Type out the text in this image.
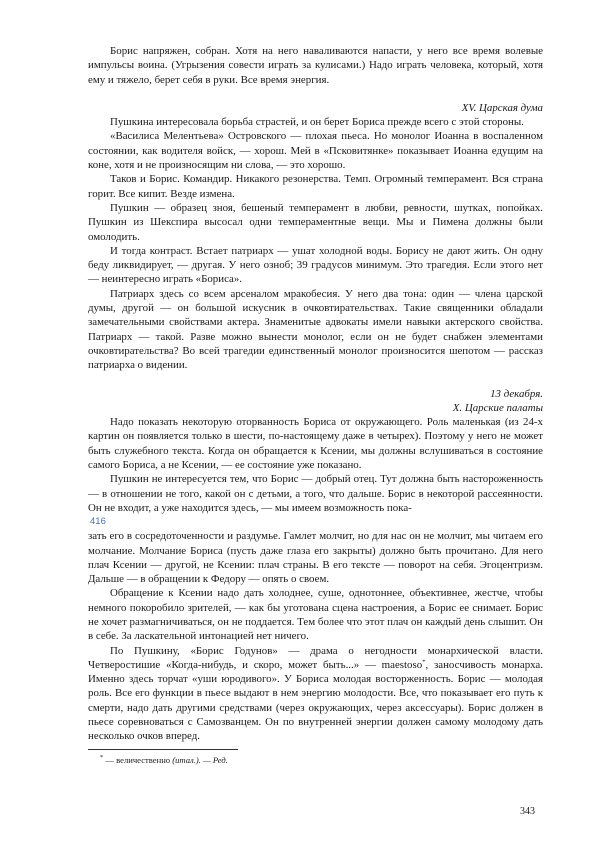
Борис напряжен, собран. Хотя на него наваливаются напасти, у него все время волевые импульсы воина. (Угрызения совести играть за кулисами.) Надо играть человека, который, хотя ему и тяжело, берет себя в руки. Все время энергия.

XV. Царская дума

Пушкина интересовала борьба страстей, и он берет Бориса прежде всего с этой стороны.

«Василиса Мелентьева» Островского — плохая пьеса. Но монолог Иоанна в воспаленном состоянии, как водителя войск, — хорош. Мей в «Псковитянке» показывает Иоанна едущим на коне, хотя и не произносящим ни слова, — это хорошо.

Таков и Борис. Командир. Никакого резонерства. Темп. Огромный темперамент. Вся страна горит. Все кипит. Везде измена.

Пушкин — образец зноя, бешеный темперамент в любви, ревности, шутках, попойках. Пушкин из Шекспира высосал одни темпераментные вещи. Мы и Пимена должны были омолодить.

И тогда контраст. Встает патриарх — ушат холодной воды. Борису не дают жить. Он одну беду ликвидирует, — другая. У него озноб; 39 градусов минимум. Это трагедия. Если этого нет — неинтересно играть «Бориса».

Патриарх здесь со всем арсеналом мракобесия. У него два тона: один — члена царской думы, другой — он большой искусник в очковтирательствах. Такие священники обладали замечательными свойствами актера. Знаменитые адвокаты имели навыки актерского свойства. Патриарх — такой. Разве можно вынести монолог, если он не будет снабжен элементами очковтирательства? Во всей трагедии единственный монолог произносится шепотом — рассказ патриарха о видении.

13 декабря.

X. Царские палаты

Надо показать некоторую оторванность Бориса от окружающего. Роль маленькая (из 24-х картин он появляется только в шести, по-настоящему даже в четырех). Поэтому у него не может быть служебного текста. Когда он обращается к Ксении, мы должны вслушиваться в состояние самого Бориса, а не Ксении, — ее состояние уже показано.

Пушкин не интересуется тем, что Борис — добрый отец. Тут должна быть настороженность — в отношении не того, какой он с детьми, а того, что дальше. Борис в некоторой рассеянности. Он не входит, а уже находится здесь, — мы имеем возможность пока-

416

зать его в сосредоточенности и раздумье. Гамлет молчит, но для нас он не молчит, мы читаем его молчание. Молчание Бориса (пусть даже глаза его закрыты) должно быть прочитано. Для него плач Ксении — другой, не Ксении: плач страны. В его тексте — поворот на себя. Эгоцентризм. Дальше — в обращении к Федору — опять о своем.

Обращение к Ксении надо дать холоднее, суше, однотоннее, объективнее, жестче, чтобы немного покоробило зрителей, — как бы уготована сцена настроения, а Борис ее снимает. Борис не хочет размагничиваться, он не поддается. Тем более что этот плач он каждый день слышит. Он в себе. За ласкательной интонацией нет ничего.

По Пушкину, «Борис Годунов» — драма о негодности монархической власти. Четверостишие «Когда-нибудь, и скоро, может быть...» — maestoso*, заносчивость монарха. Именно здесь торчат «уши юродивого». У Бориса молодая восторженность. Борис — молодая роль. Все его функции в пьесе выдают в нем энергию молодости. Все, что показывает его путь к смерти, надо дать другими средствами (через окружающих, через аксессуары). Борис должен в пьесе соревноваться с Самозванцем. Он по внутренней энергии должен самому молодому дать несколько очков вперед.

* — величественно (итал.). — Ред.

343
